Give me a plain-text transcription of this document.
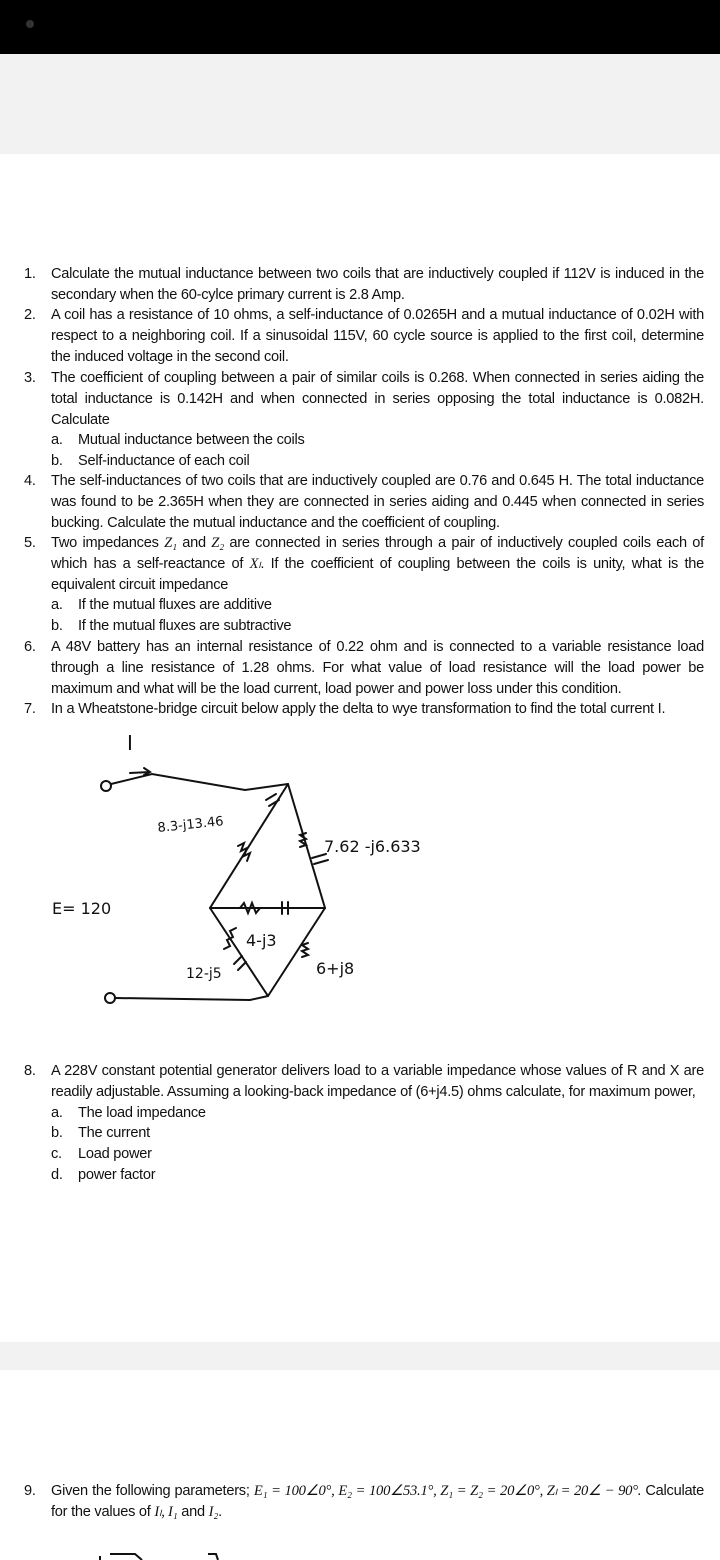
1. Calculate the mutual inductance between two coils that are inductively coupled if 112V is induced in the secondary when the 60-cylce primary current is 2.8 Amp.
2. A coil has a resistance of 10 ohms, a self-inductance of 0.0265H and a mutual inductance of 0.02H with respect to a neighboring coil. If a sinusoidal 115V, 60 cycle source is applied to the first coil, determine the induced voltage in the second coil.
3. The coefficient of coupling between a pair of similar coils is 0.268. When connected in series aiding the total inductance is 0.142H and when connected in series opposing the total inductance is 0.082H. Calculate
a. Mutual inductance between the coils
b. Self-inductance of each coil
4. The self-inductances of two coils that are inductively coupled are 0.76 and 0.645 H. The total inductance was found to be 2.365H when they are connected in series aiding and 0.445 when connected in series bucking. Calculate the mutual inductance and the coefficient of coupling.
5. Two impedances Z₁ and Z₂ are connected in series through a pair of inductively coupled coils each of which has a self-reactance of Xₗ. If the coefficient of coupling between the coils is unity, what is the equivalent circuit impedance
a. If the mutual fluxes are additive
b. If the mutual fluxes are subtractive
6. A 48V battery has an internal resistance of 0.22 ohm and is connected to a variable resistance load through a line resistance of 1.28 ohms. For what value of load resistance will the load power be maximum and what will be the load current, load power and power loss under this condition.
7. In a Wheatstone-bridge circuit below apply the delta to wye transformation to find the total current I.
I
E= 120
8.3-j13.46
7.62 -j6.633
4-j3
12-j5	6+j8
8. A 228V constant potential generator delivers load to a variable impedance whose values of R and X are readily adjustable. Assuming a looking-back impedance of (6+j4.5) ohms calculate, for maximum power,
a. The load impedance
b. The current
c. Load power
d. power factor
9. Given the following parameters; E₁ = 100∠0°, E₂ = 100∠53.1°, Z₁ = Z₂ = 20∠0°, Zₗ = 20∠ − 90°. Calculate for the values of Iₗ, I₁ and I₂.
